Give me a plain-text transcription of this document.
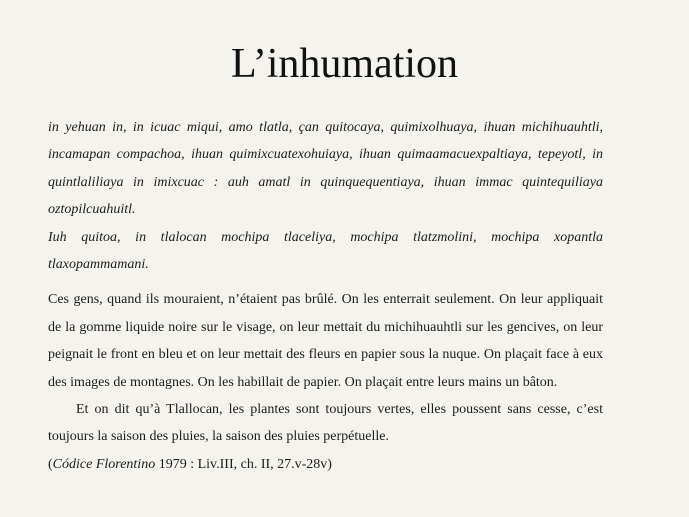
L’inhumation

in yehuan in, in icuac miqui, amo tlatla, çan quitocaya, quimixolhuaya, ihuan michihuauhtli, incamapan compachoa, ihuan quimixcuatexohuiaya, ihuan quimaamacuexpaltiaya, tepeyotl, in quintlaliliaya in imixcuac : auh amatl in quinquequentiaya, ihuan immac quintequiliaya oztopilcuahuitl.

Iuh quitoa, in tlalocan mochipa tlaceliya, mochipa tlatzmolini, mochipa xopantla tlaxopammamani.

Ces gens, quand ils mouraient, n’étaient pas brûlé. On les enterrait seulement. On leur appliquait de la gomme liquide noire sur le visage, on leur mettait du michihuauhtli sur les gencives, on leur peignait le front en bleu et on leur mettait des fleurs en papier sous la nuque. On plaçait face à eux des images de montagnes. On les habillait de papier. On plaçait entre leurs mains un bâton.

Et on dit qu’à Tlallocan, les plantes sont toujours vertes, elles poussent sans cesse, c’est toujours la saison des pluies, la saison des pluies perpétuelle.

(Códice Florentino 1979 : Liv.III, ch. II, 27.v-28v)
